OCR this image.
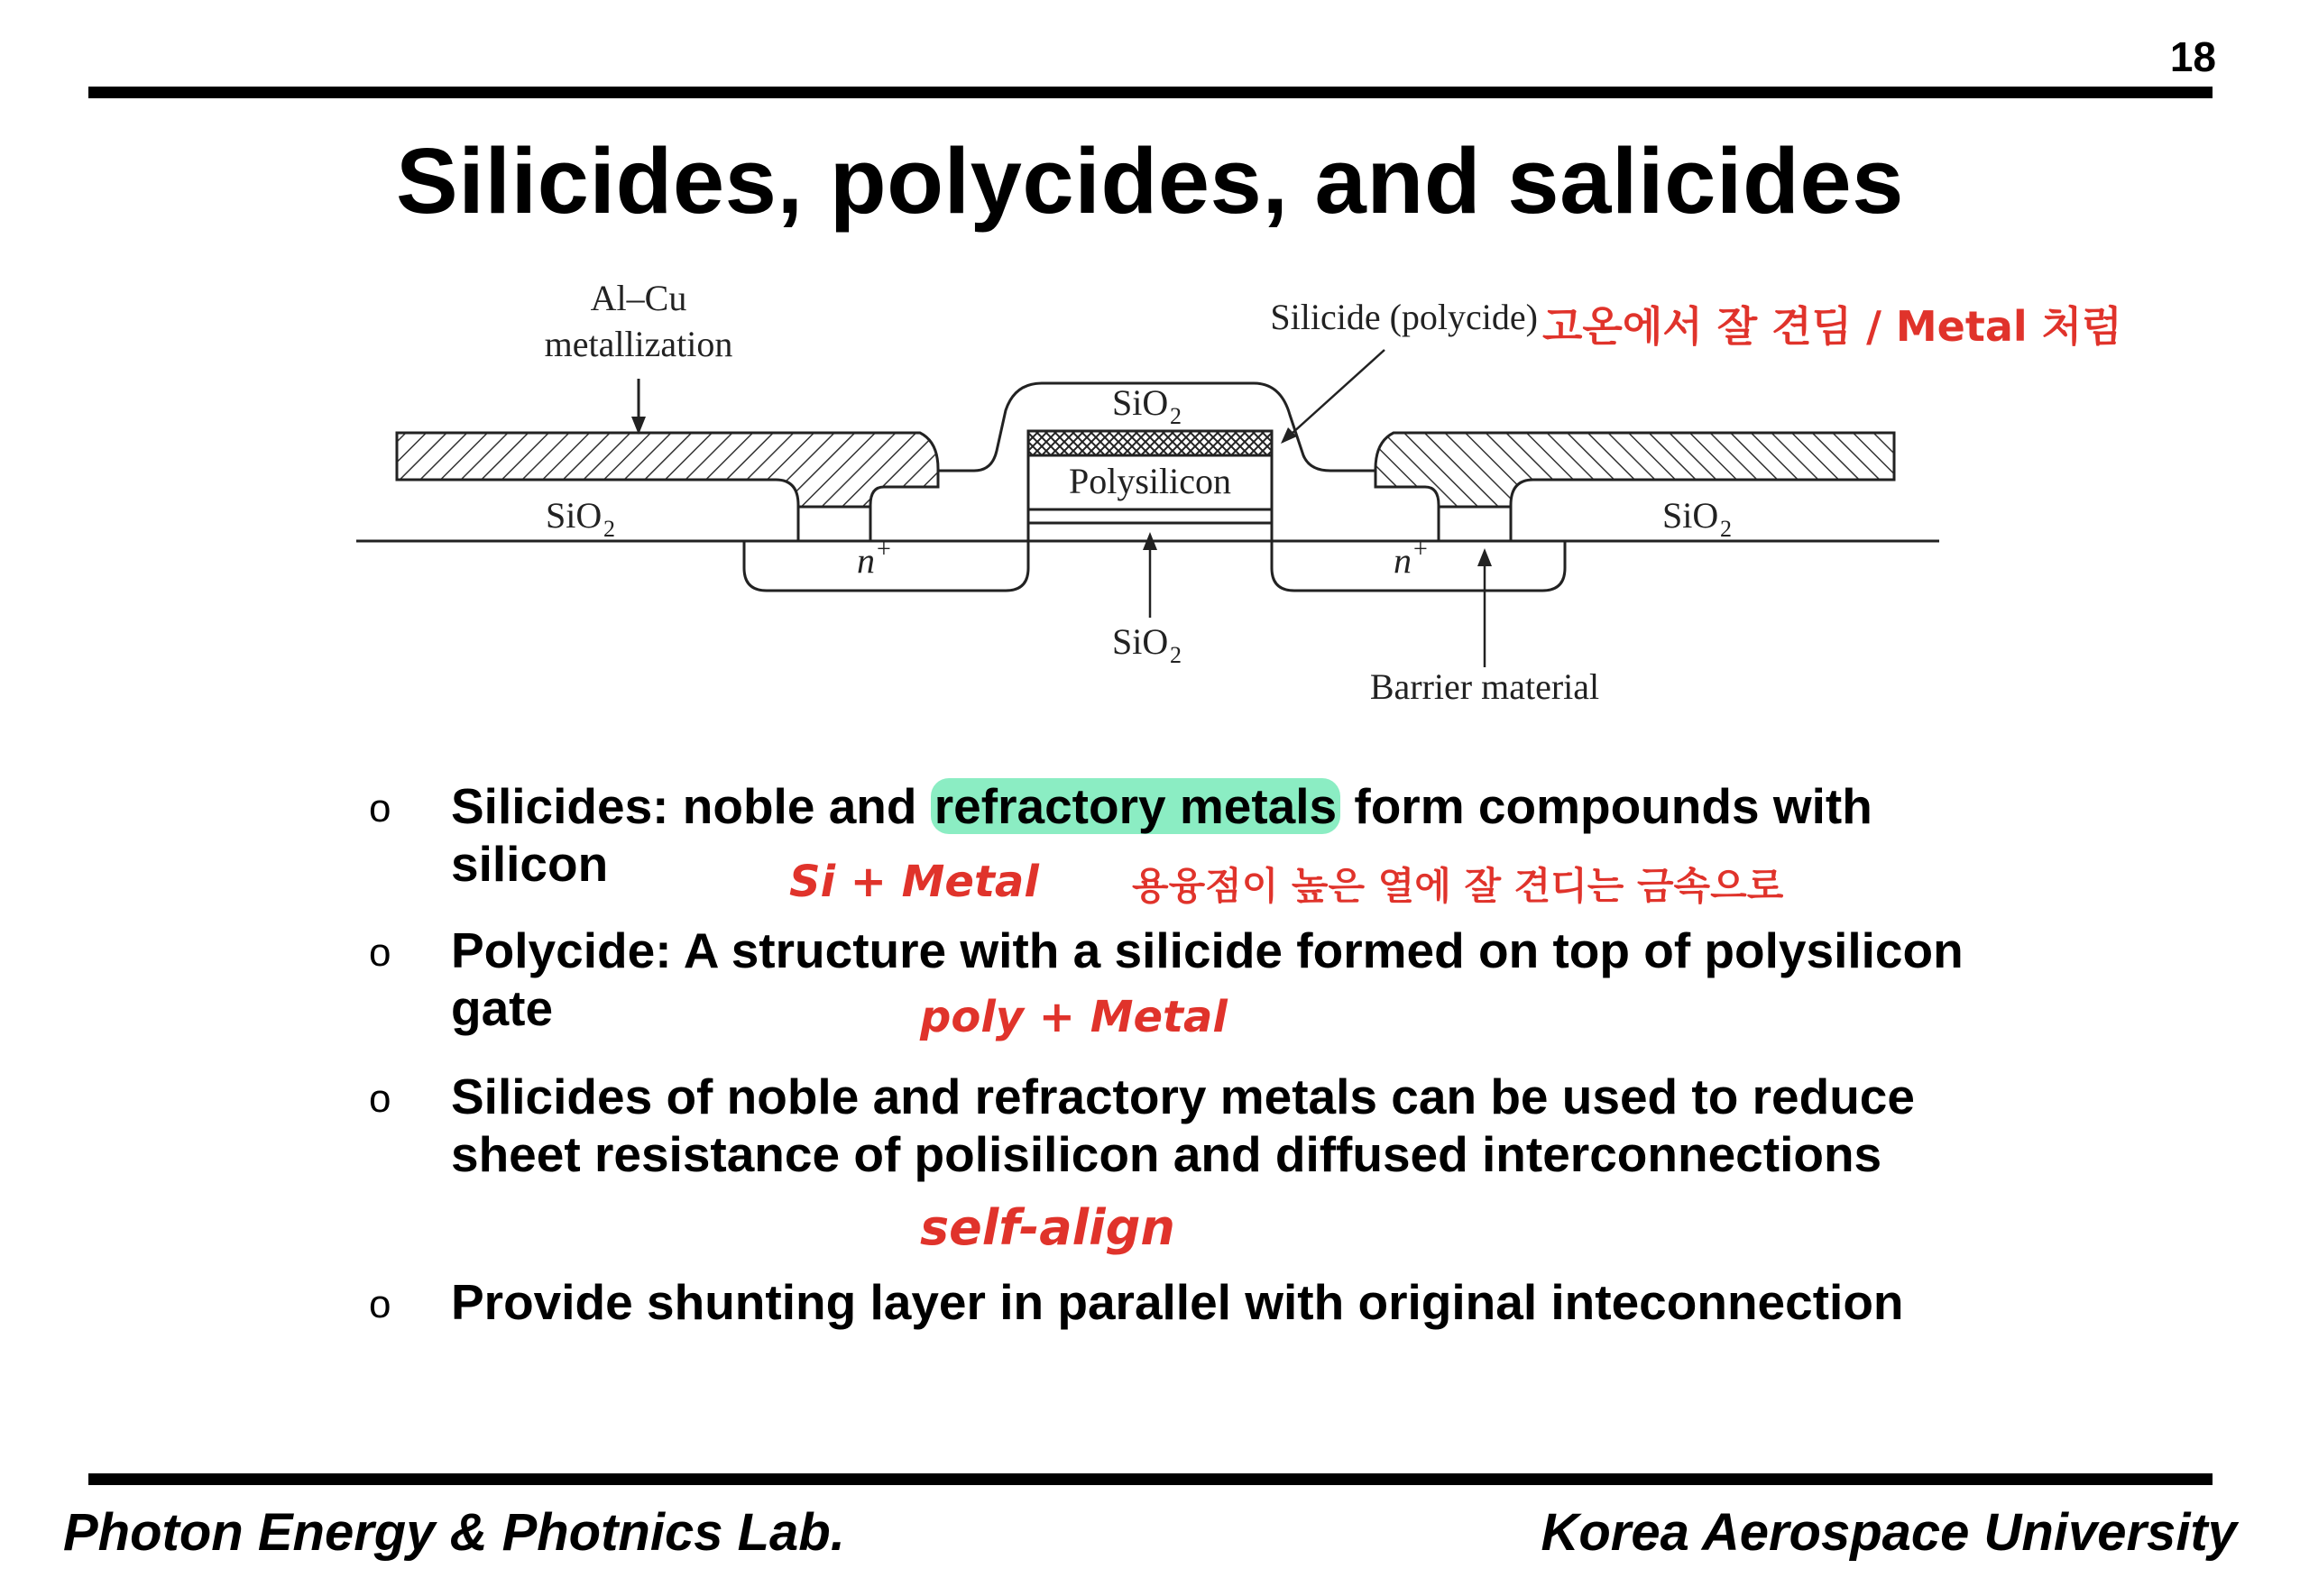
18
Silicides, polycides, and salicides
Al–Cu
metallization
Silicide (polycide)
SiO 2
Polysilicon
SiO 2	SiO 2
n +	n +
SiO 2
Barrier material
고온에서 잘 견딤 / Metal 처럼
o Silicides: noble and refractory metals form compounds with silicon
o Polycide: A structure with a silicide formed on top of polysilicon gate
o Silicides of noble and refractory metals can be used to reduce sheet resistance of polisilicon and diffused interconnections
o Provide shunting layer in parallel with original inteconnection
Si + Metal 용융점이 높은 열에 잘 견디는 금속으로
poly + Metal
self-align
Photon Energy & Photnics Lab.	Korea Aerospace University
